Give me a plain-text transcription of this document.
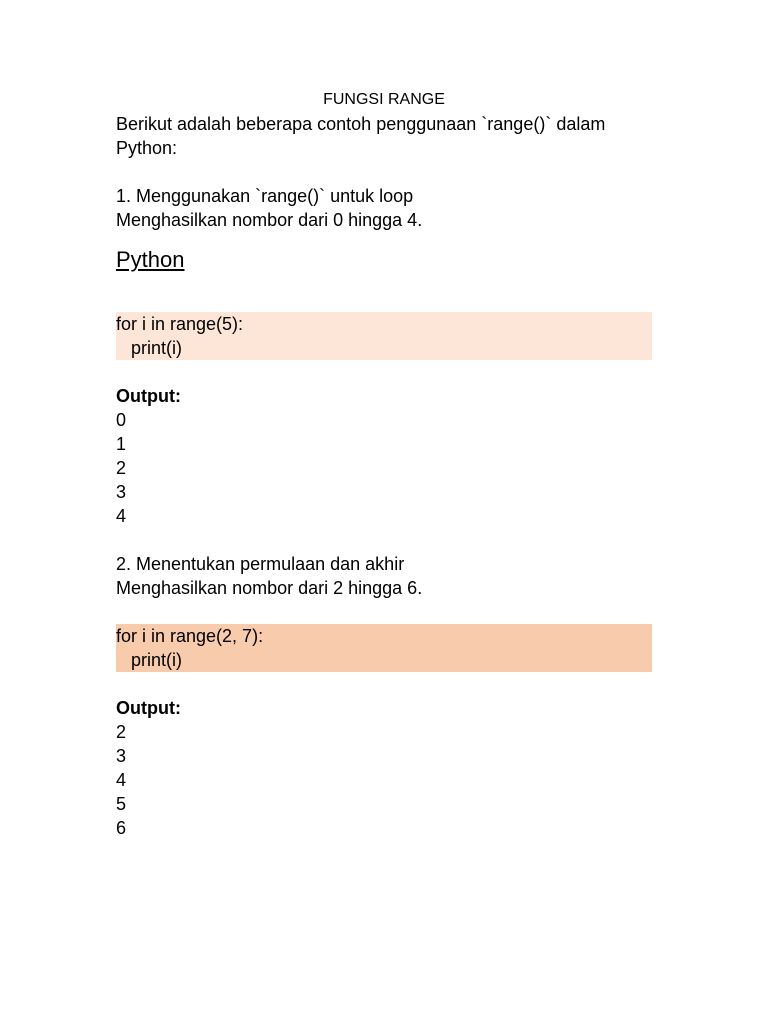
FUNGSI RANGE
Berikut adalah beberapa contoh penggunaan `range()` dalam
Python:
1. Menggunakan `range()` untuk loop
Menghasilkan nombor dari 0 hingga 4.
Python
for i in range(5):
print(i)
Output:
0
1
2
3
4
2. Menentukan permulaan dan akhir
Menghasilkan nombor dari 2 hingga 6.
for i in range(2, 7):
print(i)
Output:
2
3
4
5
6
